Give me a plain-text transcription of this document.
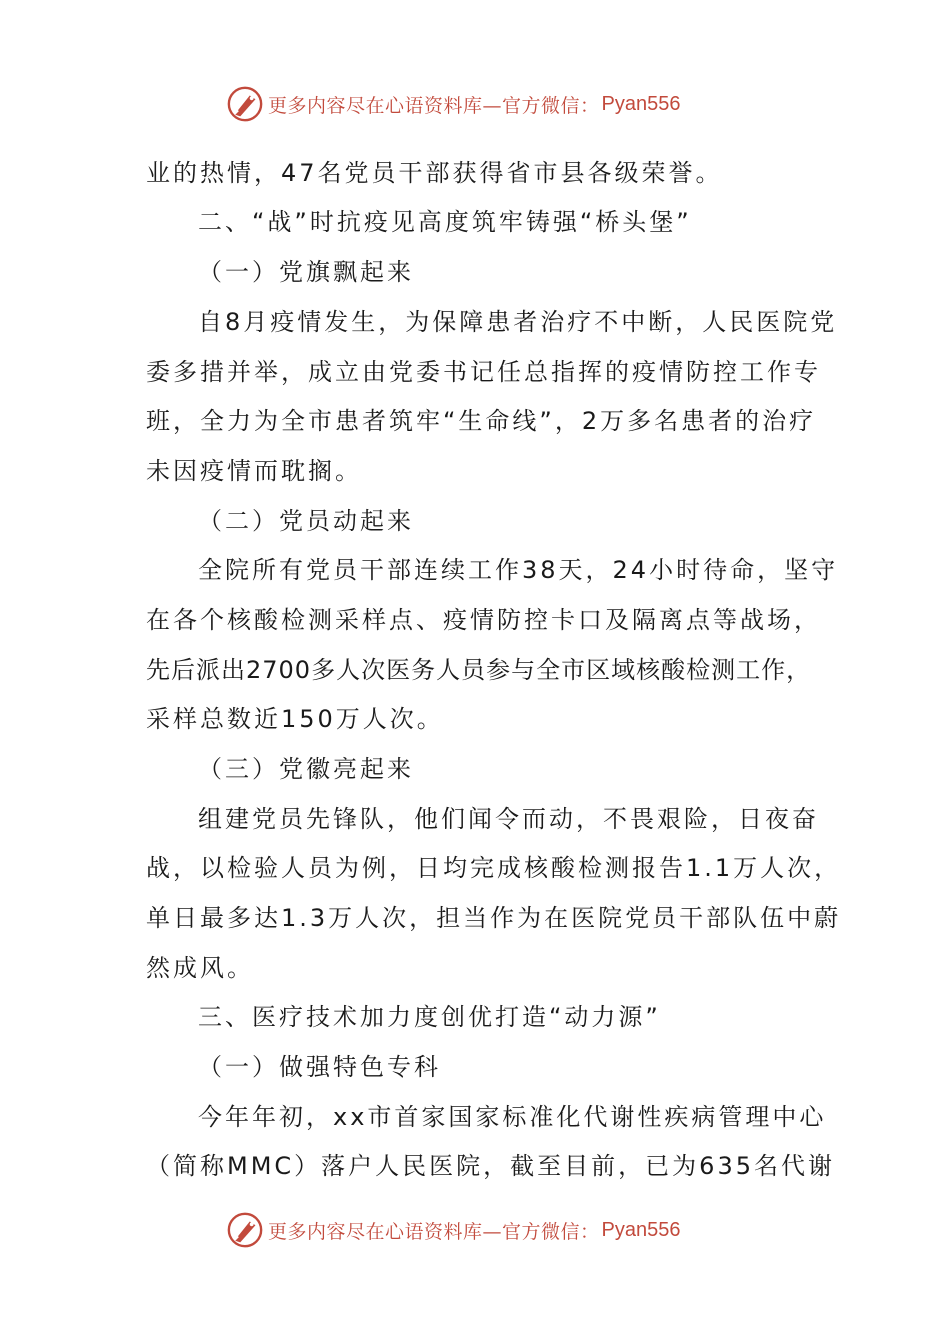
更多内容尽在心语资料库—官方微信： Pyan556
业的热情，47名党员干部获得省市县各级荣誉。
二、“战”时抗疫见高度筑牢铸强“桥头堡”
（一）党旗飘起来
自8月疫情发生，为保障患者治疗不中断，人民医院党
委多措并举，成立由党委书记任总指挥的疫情防控工作专
班，全力为全市患者筑牢“生命线”，2万多名患者的治疗
未因疫情而耽搁。
（二）党员动起来
全院所有党员干部连续工作38天，24小时待命，坚守
在各个核酸检测采样点、疫情防控卡口及隔离点等战场，
先后派出2700多人次医务人员参与全市区域核酸检测工作，
采样总数近150万人次。
（三）党徽亮起来
组建党员先锋队，他们闻令而动，不畏艰险，日夜奋
战，以检验人员为例，日均完成核酸检测报告1.1万人次，
单日最多达1.3万人次，担当作为在医院党员干部队伍中蔚
然成风。
三、医疗技术加力度创优打造“动力源”
（一）做强特色专科
今年年初，xx市首家国家标准化代谢性疾病管理中心
（简称MMC）落户人民医院，截至目前，已为635名代谢
更多内容尽在心语资料库—官方微信： Pyan556
